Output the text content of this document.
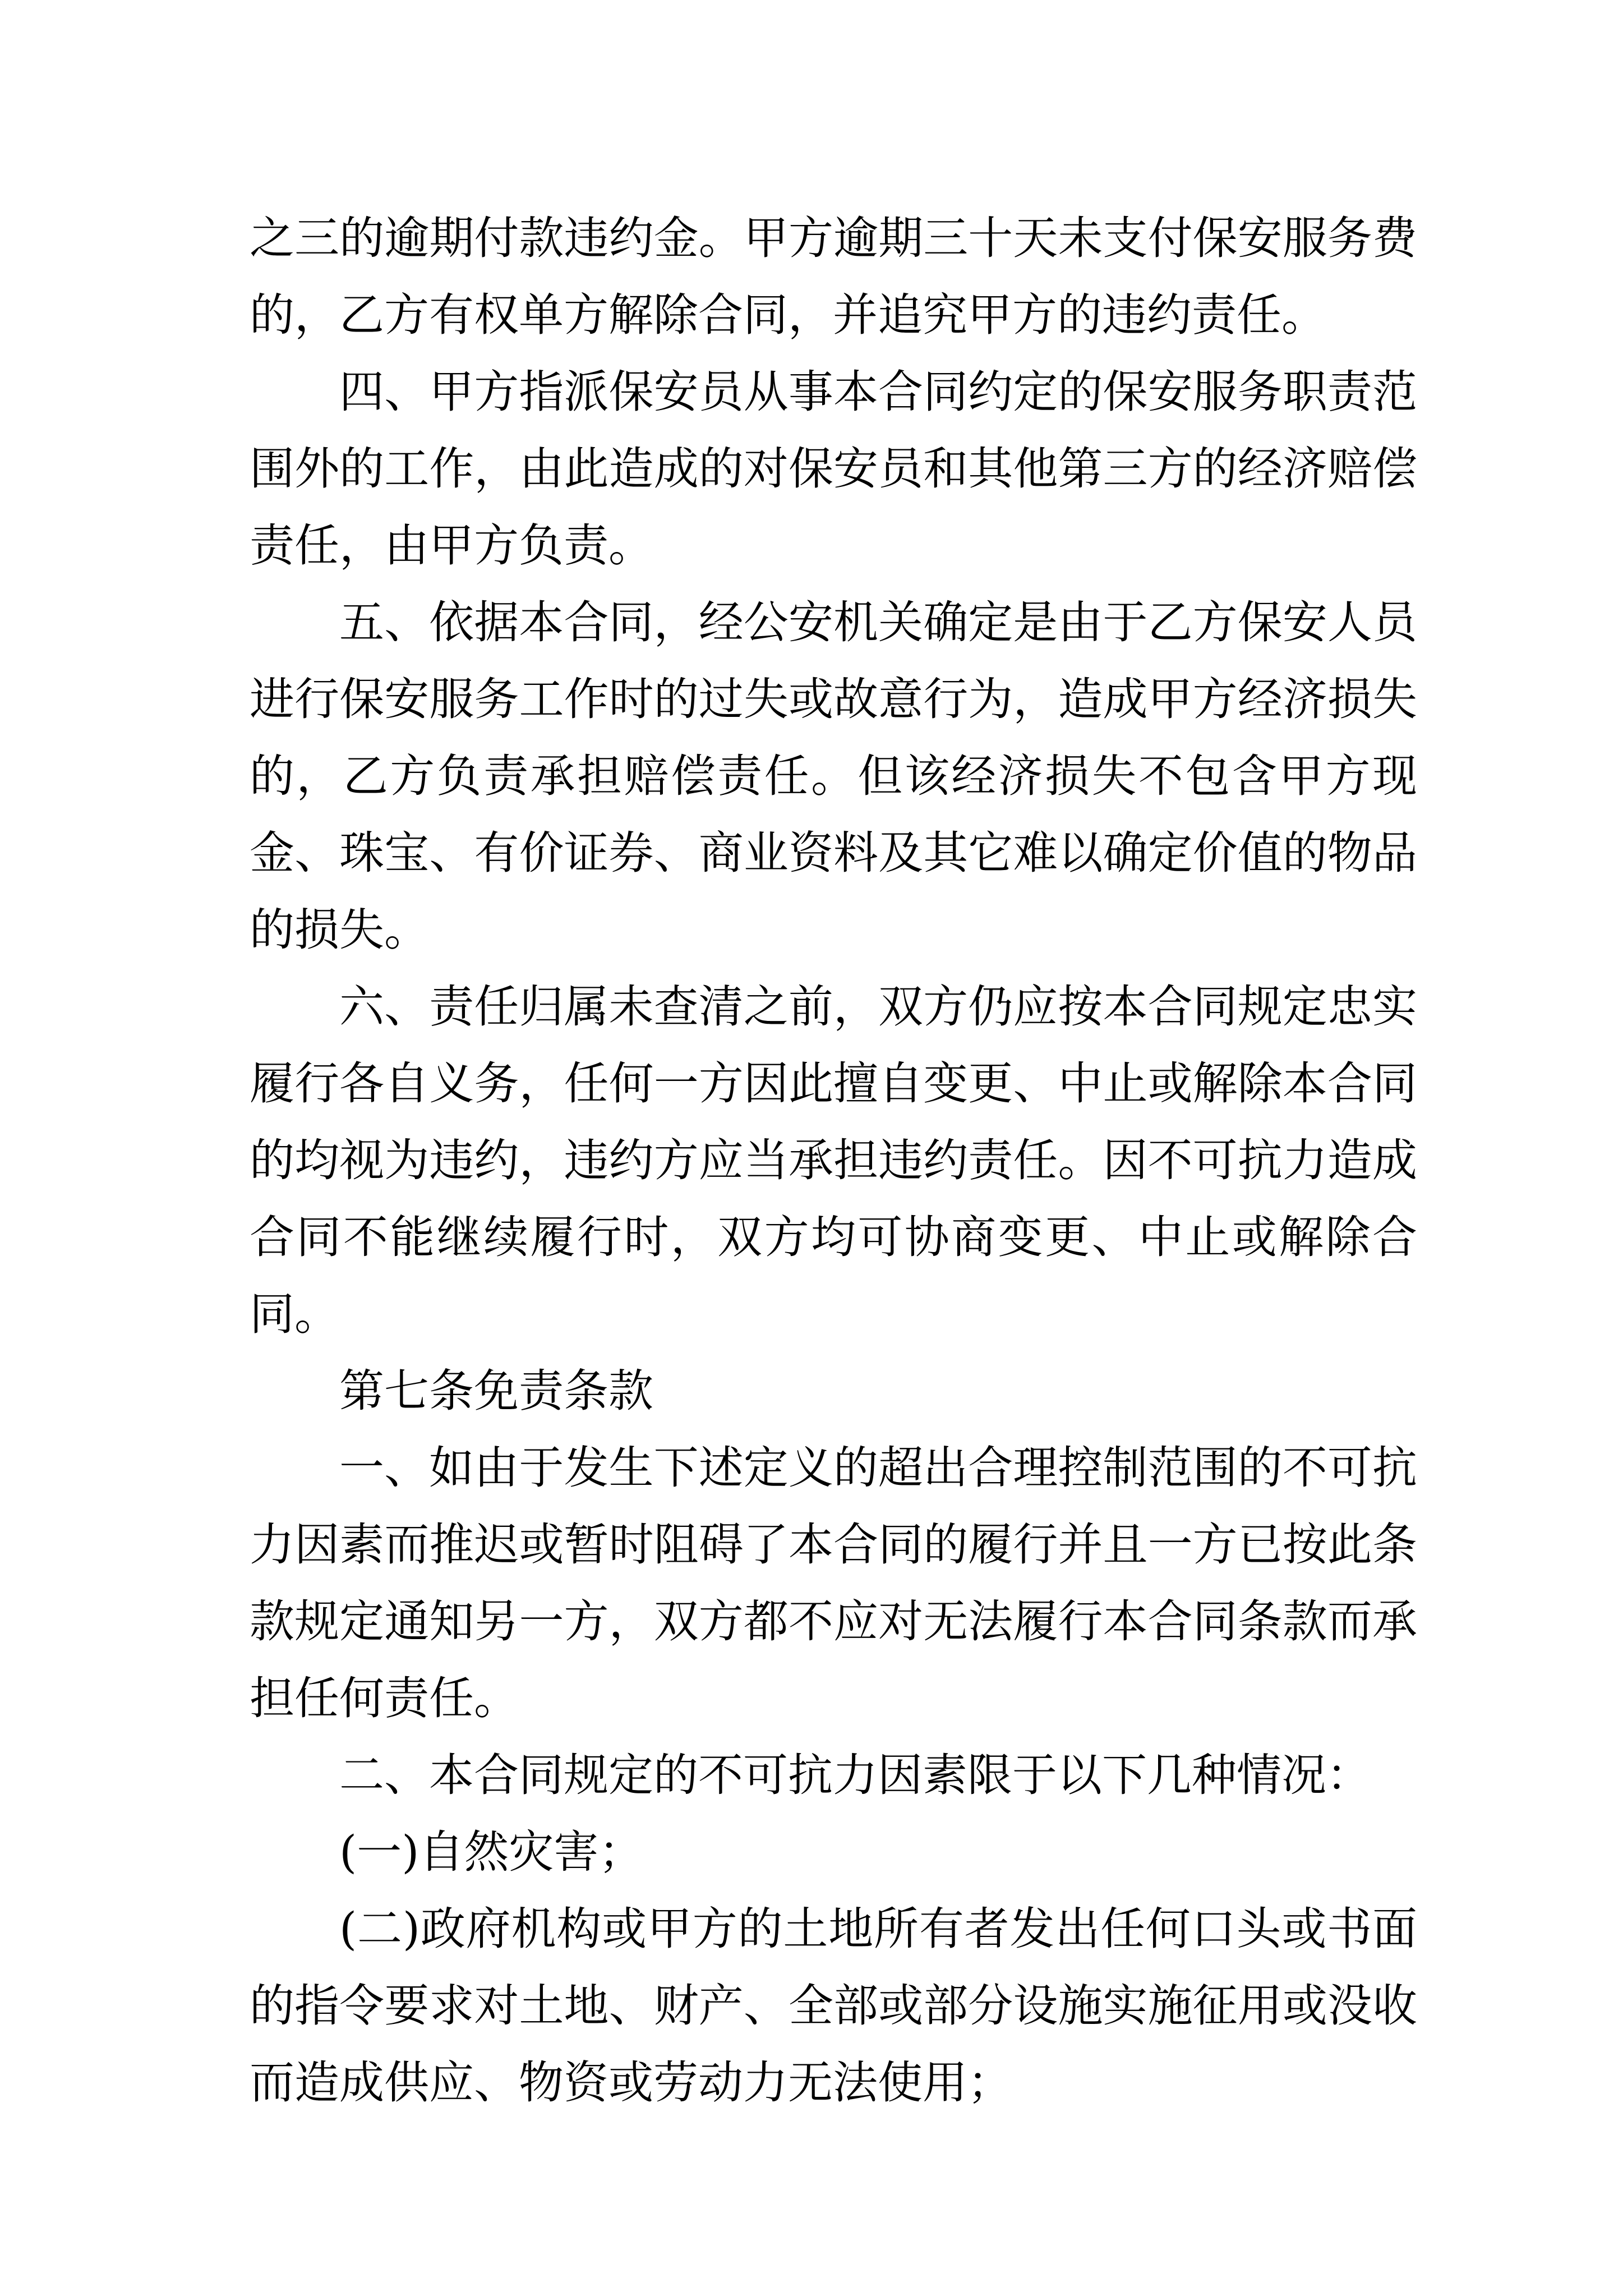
之三的逾期付款违约金。甲方逾期三十天未支付保安服务费的，乙方有权单方解除合同，并追究甲方的违约责任。

四、甲方指派保安员从事本合同约定的保安服务职责范围外的工作，由此造成的对保安员和其他第三方的经济赔偿责任，由甲方负责。

五、依据本合同，经公安机关确定是由于乙方保安人员进行保安服务工作时的过失或故意行为，造成甲方经济损失的，乙方负责承担赔偿责任。但该经济损失不包含甲方现金、珠宝、有价证券、商业资料及其它难以确定价值的物品的损失。

六、责任归属未查清之前，双方仍应按本合同规定忠实履行各自义务，任何一方因此擅自变更、中止或解除本合同的均视为违约，违约方应当承担违约责任。因不可抗力造成合同不能继续履行时，双方均可协商变更、中止或解除合同。

第七条免责条款

一、如由于发生下述定义的超出合理控制范围的不可抗力因素而推迟或暂时阻碍了本合同的履行并且一方已按此条款规定通知另一方，双方都不应对无法履行本合同条款而承担任何责任。

二、本合同规定的不可抗力因素限于以下几种情况：

(一)自然灾害；

(二)政府机构或甲方的土地所有者发出任何口头或书面的指令要求对土地、财产、全部或部分设施实施征用或没收而造成供应、物资或劳动力无法使用；
